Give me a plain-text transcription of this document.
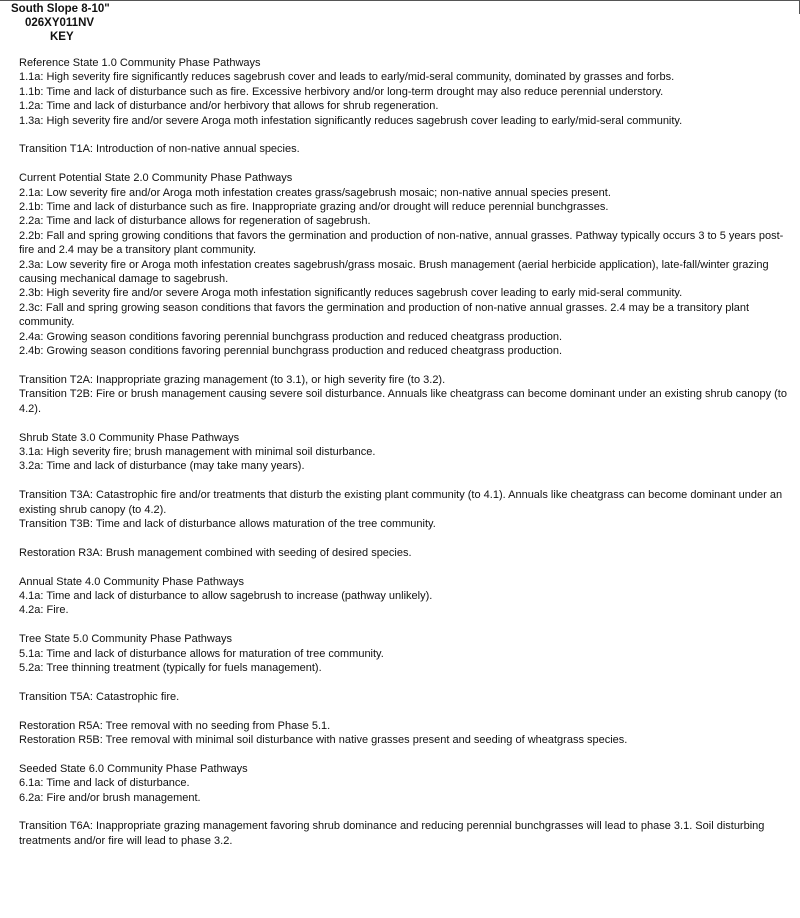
South Slope 8-10"
026XY011NV
KEY
Reference State 1.0 Community Phase Pathways
1.1a: High severity fire significantly reduces sagebrush cover and leads to early/mid-seral community, dominated by grasses and forbs.
1.1b: Time and lack of disturbance such as fire. Excessive herbivory and/or long-term drought may also reduce perennial understory.
1.2a: Time and lack of disturbance and/or herbivory that allows for shrub regeneration.
1.3a: High severity fire and/or severe Aroga moth infestation significantly reduces sagebrush cover leading to early/mid-seral community.
Transition T1A: Introduction of non-native annual species.
Current Potential State 2.0 Community Phase Pathways
2.1a: Low severity fire and/or Aroga moth infestation creates grass/sagebrush mosaic; non-native annual species present.
2.1b: Time and lack of disturbance such as fire. Inappropriate grazing and/or drought will reduce perennial bunchgrasses.
2.2a: Time and lack of disturbance allows for regeneration of sagebrush.
2.2b: Fall and spring growing conditions that favors the germination and production of non-native, annual grasses. Pathway typically occurs 3 to 5 years post-fire and 2.4 may be a transitory plant community.
2.3a: Low severity fire or Aroga moth infestation creates sagebrush/grass mosaic. Brush management (aerial herbicide application), late-fall/winter grazing causing mechanical damage to sagebrush.
2.3b: High severity fire and/or severe Aroga moth infestation significantly reduces sagebrush cover leading to early mid-seral community.
2.3c: Fall and spring growing season conditions that favors the germination and production of non-native annual grasses. 2.4 may be a transitory plant community.
2.4a: Growing season conditions favoring perennial bunchgrass production and reduced cheatgrass production.
2.4b: Growing season conditions favoring perennial bunchgrass production and reduced cheatgrass production.
Transition T2A: Inappropriate grazing management (to 3.1), or high severity fire (to 3.2).
Transition T2B: Fire or brush management causing severe soil disturbance. Annuals like cheatgrass can become dominant under an existing shrub canopy (to 4.2).
Shrub State 3.0 Community Phase Pathways
3.1a: High severity fire; brush management with minimal soil disturbance.
3.2a: Time and lack of disturbance (may take many years).
Transition T3A: Catastrophic fire and/or treatments that disturb the existing plant community (to 4.1). Annuals like cheatgrass can become dominant under an existing shrub canopy (to 4.2).
Transition T3B: Time and lack of disturbance allows maturation of the tree community.
Restoration R3A: Brush management combined with seeding of desired species.
Annual State 4.0 Community Phase Pathways
4.1a: Time and lack of disturbance to allow sagebrush to increase (pathway unlikely).
4.2a: Fire.
Tree State 5.0 Community Phase Pathways
5.1a: Time and lack of disturbance allows for maturation of tree community.
5.2a: Tree thinning treatment (typically for fuels management).
Transition T5A: Catastrophic fire.
Restoration R5A: Tree removal with no seeding from Phase 5.1.
Restoration R5B: Tree removal with minimal soil disturbance with native grasses present and seeding of wheatgrass species.
Seeded State 6.0 Community Phase Pathways
6.1a: Time and lack of disturbance.
6.2a: Fire and/or brush management.
Transition T6A: Inappropriate grazing management favoring shrub dominance and reducing perennial bunchgrasses will lead to phase 3.1. Soil disturbing treatments and/or fire will lead to phase 3.2.
